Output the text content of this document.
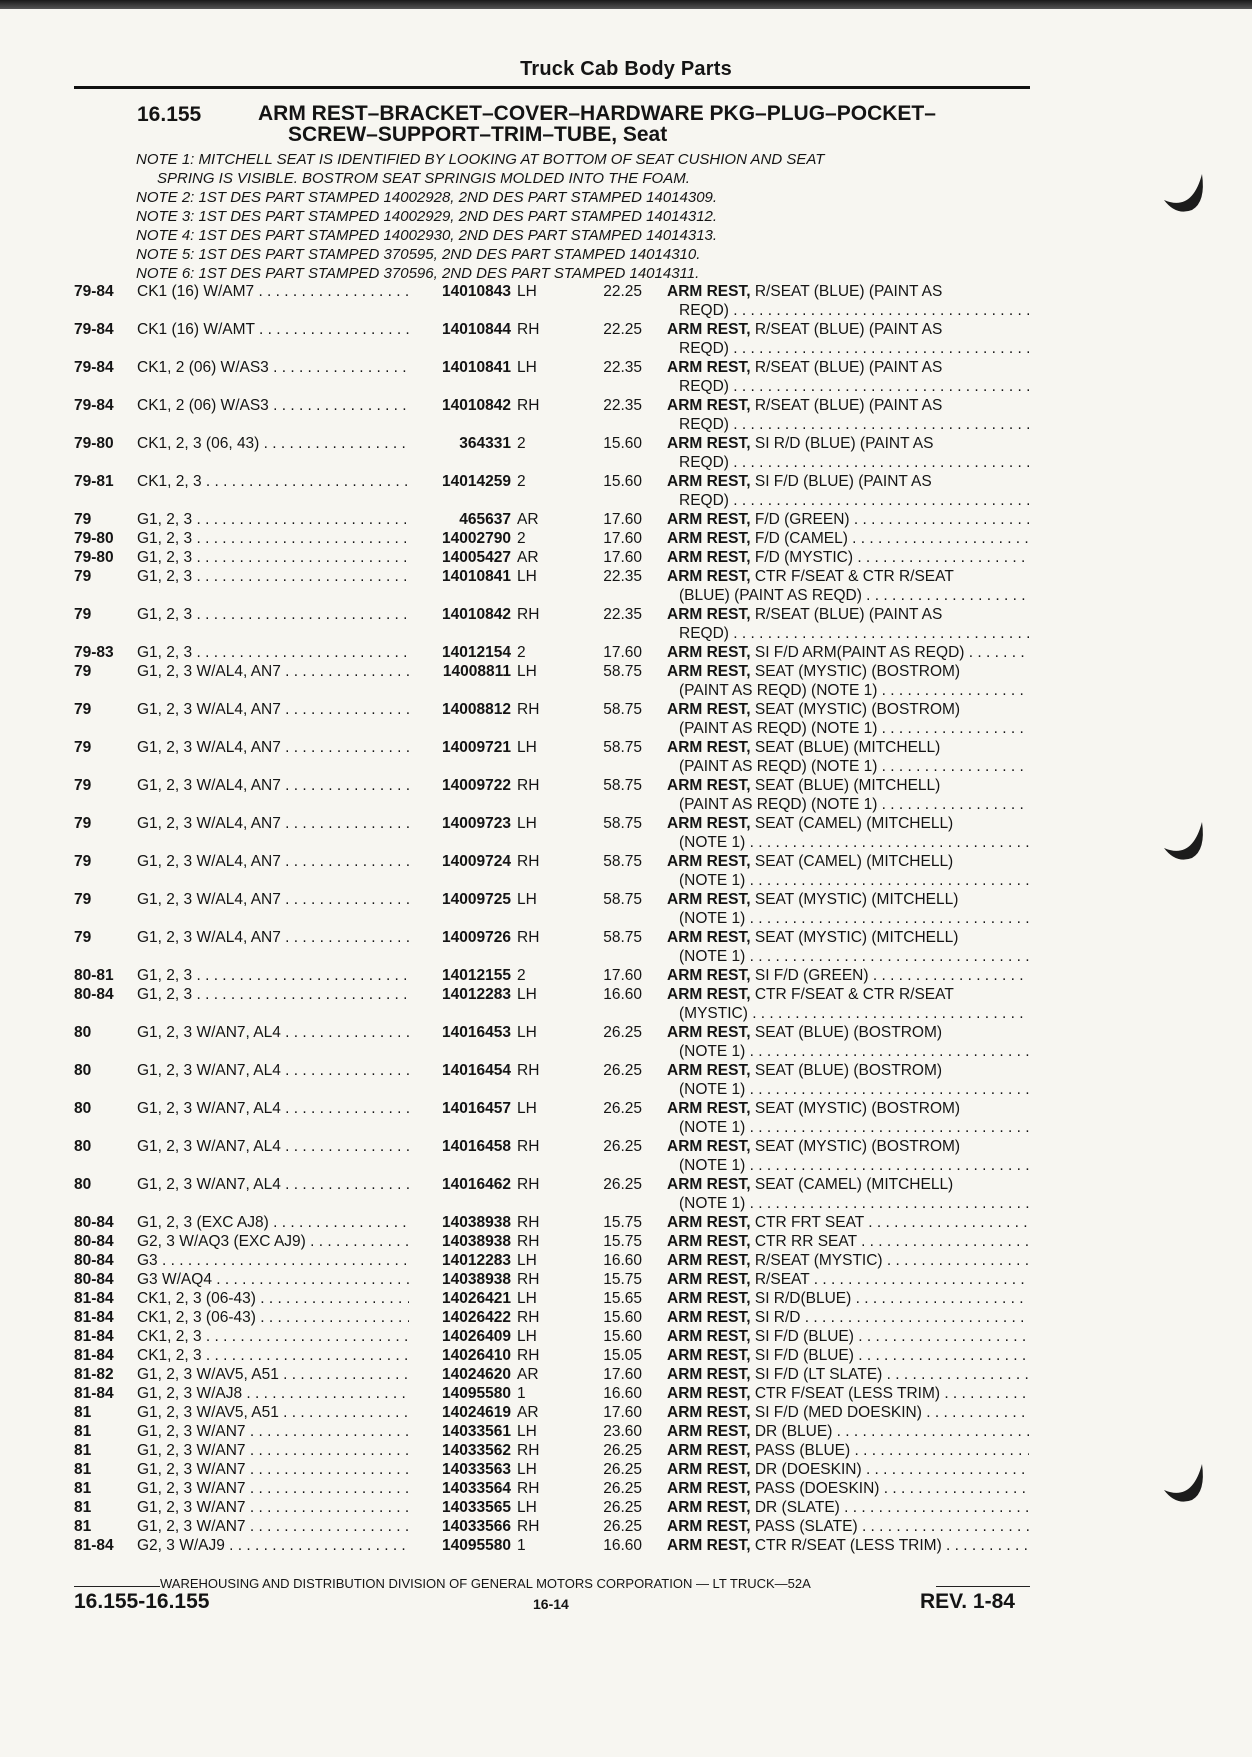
Truck Cab Body Parts
16.155	ARM REST–BRACKET–COVER–HARDWARE PKG–PLUG–POCKET–
SCREW–SUPPORT–TRIM–TUBE, Seat
NOTE 1: MITCHELL SEAT IS IDENTIFIED BY LOOKING AT BOTTOM OF SEAT CUSHION AND SEAT
SPRING IS VISIBLE. BOSTROM SEAT SPRINGIS MOLDED INTO THE FOAM.
NOTE 2: 1ST DES PART STAMPED 14002928, 2ND DES PART STAMPED 14014309.
NOTE 3: 1ST DES PART STAMPED 14002929, 2ND DES PART STAMPED 14014312.
NOTE 4: 1ST DES PART STAMPED 14002930, 2ND DES PART STAMPED 14014313.
NOTE 5: 1ST DES PART STAMPED 370595, 2ND DES PART STAMPED 14014310.
NOTE 6: 1ST DES PART STAMPED 370596, 2ND DES PART STAMPED 14014311.
79-84 CK1 (16) W/AM7 . . .	14010843 LH	22.25 ARM REST, R/SEAT (BLUE) (PAINT AS
REQD) . . .
79-84 CK1 (16) W/AMT . . .	14010844 RH	22.25 ARM REST, R/SEAT (BLUE) (PAINT AS
REQD) . . .
79-84 CK1, 2 (06) W/AS3 . . .	14010841 LH	22.35 ARM REST, R/SEAT (BLUE) (PAINT AS
REQD) . . .
79-84 CK1, 2 (06) W/AS3 . . .	14010842 RH	22.35 ARM REST, R/SEAT (BLUE) (PAINT AS
REQD) . . .
79-80 CK1, 2, 3 (06, 43) . . .	364331 2	15.60 ARM REST, SI R/D (BLUE) (PAINT AS
REQD) . . .
79-81 CK1, 2, 3 . . .	14014259 2	15.60 ARM REST, SI F/D (BLUE) (PAINT AS
REQD) . . .
79	G1, 2, 3 . . .	465637 AR	17.60 ARM REST, F/D (GREEN) . . .
79-80 G1, 2, 3 . . .	14002790 2	17.60 ARM REST, F/D (CAMEL) . . .
79-80 G1, 2, 3 . . .	14005427 AR	17.60 ARM REST, F/D (MYSTIC) . . .
79	G1, 2, 3 . . .	14010841 LH	22.35 ARM REST, CTR F/SEAT & CTR R/SEAT
(BLUE) (PAINT AS REQD) . . .
79	G1, 2, 3 . . .	14010842 RH	22.35 ARM REST, R/SEAT (BLUE) (PAINT AS
REQD) . . .
79-83 G1, 2, 3 . . .	14012154 2	17.60 ARM REST, SI F/D ARM(PAINT AS REQD) . . .
79	G1, 2, 3 W/AL4, AN7 . . .	14008811 LH	58.75 ARM REST, SEAT (MYSTIC) (BOSTROM)
(PAINT AS REQD) (NOTE 1) . . .
79	G1, 2, 3 W/AL4, AN7 . . .	14008812 RH	58.75 ARM REST, SEAT (MYSTIC) (BOSTROM)
(PAINT AS REQD) (NOTE 1) . . .
79	G1, 2, 3 W/AL4, AN7 . . .	14009721 LH	58.75 ARM REST, SEAT (BLUE) (MITCHELL)
(PAINT AS REQD) (NOTE 1) . . .
79	G1, 2, 3 W/AL4, AN7 . . .	14009722 RH	58.75 ARM REST, SEAT (BLUE) (MITCHELL)
(PAINT AS REQD) (NOTE 1) . . .
79	G1, 2, 3 W/AL4, AN7 . . .	14009723 LH	58.75 ARM REST, SEAT (CAMEL) (MITCHELL)
(NOTE 1) . . .
79	G1, 2, 3 W/AL4, AN7 . . .	14009724 RH	58.75 ARM REST, SEAT (CAMEL) (MITCHELL)
(NOTE 1) . . .
79	G1, 2, 3 W/AL4, AN7 . . .	14009725 LH	58.75 ARM REST, SEAT (MYSTIC) (MITCHELL)
(NOTE 1) . . .
79	G1, 2, 3 W/AL4, AN7 . . .	14009726 RH	58.75 ARM REST, SEAT (MYSTIC) (MITCHELL)
(NOTE 1) . . .
80-81 G1, 2, 3 . . .	14012155 2	17.60 ARM REST, SI F/D (GREEN) . . .
80-84 G1, 2, 3 . . .	14012283 LH	16.60 ARM REST, CTR F/SEAT & CTR R/SEAT
(MYSTIC) . . .
80	G1, 2, 3 W/AN7, AL4 . . .	14016453 LH	26.25 ARM REST, SEAT (BLUE) (BOSTROM)
(NOTE 1) . . .
80	G1, 2, 3 W/AN7, AL4 . . .	14016454 RH	26.25 ARM REST, SEAT (BLUE) (BOSTROM)
(NOTE 1) . . .
80	G1, 2, 3 W/AN7, AL4 . . .	14016457 LH	26.25 ARM REST, SEAT (MYSTIC) (BOSTROM)
(NOTE 1) . . .
80	G1, 2, 3 W/AN7, AL4 . . .	14016458 RH	26.25 ARM REST, SEAT (MYSTIC) (BOSTROM)
(NOTE 1) . . .
80	G1, 2, 3 W/AN7, AL4 . . .	14016462 RH	26.25 ARM REST, SEAT (CAMEL) (MITCHELL)
(NOTE 1) . . .
80-84 G1, 2, 3 (EXC AJ8) . . .	14038938 RH	15.75 ARM REST, CTR FRT SEAT . . .
80-84 G2, 3 W/AQ3 (EXC AJ9) . . .	14038938 RH	15.75 ARM REST, CTR RR SEAT . . .
80-84 G3 . . .	14012283 LH	16.60 ARM REST, R/SEAT (MYSTIC) . . .
80-84 G3 W/AQ4 . . .	14038938 RH	15.75 ARM REST, R/SEAT . . .
81-84 CK1, 2, 3 (06-43) . . .	14026421 LH	15.65 ARM REST, SI R/D(BLUE) . . .
81-84 CK1, 2, 3 (06-43) . . .	14026422 RH	15.60 ARM REST, SI R/D . . .
81-84 CK1, 2, 3 . . .	14026409 LH	15.60 ARM REST, SI F/D (BLUE) . . .
81-84 CK1, 2, 3 . . .	14026410 RH	15.05 ARM REST, SI F/D (BLUE) . . .
81-82 G1, 2, 3 W/AV5, A51 . . .	14024620 AR	17.60 ARM REST, SI F/D (LT SLATE) . . .
81-84 G1, 2, 3 W/AJ8 . . .	14095580 1	16.60 ARM REST, CTR F/SEAT (LESS TRIM) . . .
81	G1, 2, 3 W/AV5, A51 . . .	14024619 AR	17.60 ARM REST, SI F/D (MED DOESKIN) . . .
81	G1, 2, 3 W/AN7 . . .	14033561 LH	23.60 ARM REST, DR (BLUE) . . .
81	G1, 2, 3 W/AN7 . . .	14033562 RH	26.25 ARM REST, PASS (BLUE) . . .
81	G1, 2, 3 W/AN7 . . .	14033563 LH	26.25 ARM REST, DR (DOESKIN) . . .
81	G1, 2, 3 W/AN7 . . .	14033564 RH	26.25 ARM REST, PASS (DOESKIN) . . .
81	G1, 2, 3 W/AN7 . . .	14033565 LH	26.25 ARM REST, DR (SLATE) . . .
81	G1, 2, 3 W/AN7 . . .	14033566 RH	26.25 ARM REST, PASS (SLATE) . . .
81-84 G2, 3 W/AJ9 . . .	14095580 1	16.60 ARM REST, CTR R/SEAT (LESS TRIM) . . .
WAREHOUSING AND DISTRIBUTION DIVISION OF GENERAL MOTORS CORPORATION — LT TRUCK—52A
16.155-16.155	16-14	REV. 1-84
